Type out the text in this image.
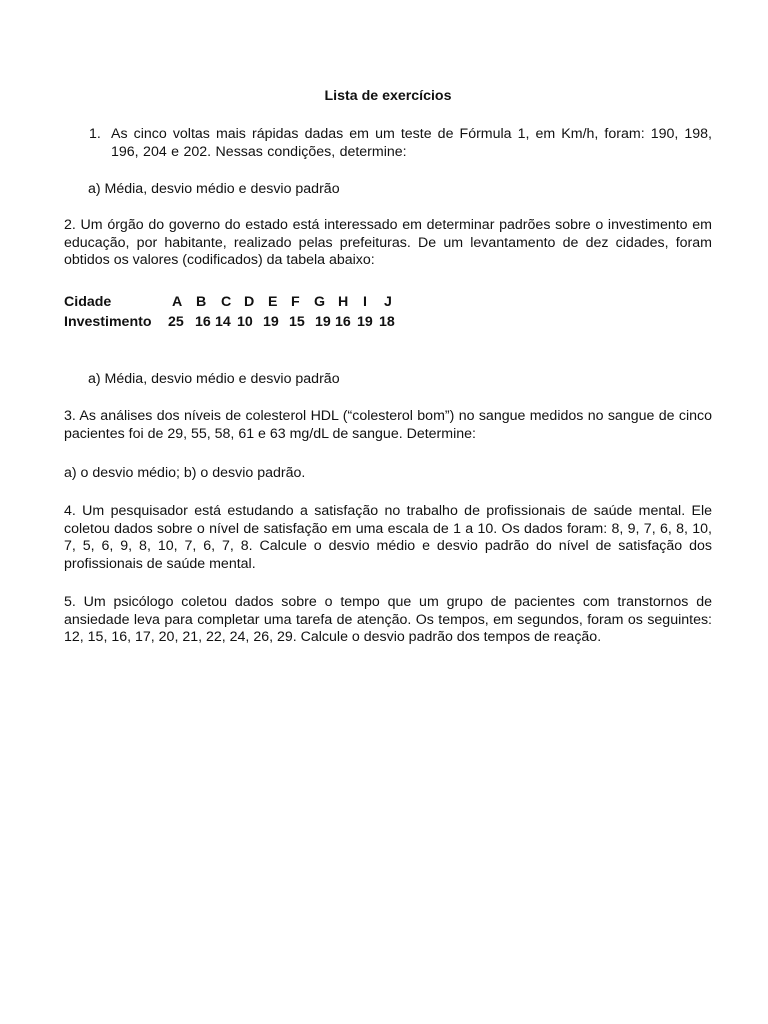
Lista de exercícios
1. As cinco voltas mais rápidas dadas em um teste de Fórmula 1, em Km/h, foram: 190, 198, 196, 204 e 202. Nessas condições, determine:
a) Média, desvio médio e desvio padrão
2. Um órgão do governo do estado está interessado em determinar padrões sobre o investimento em educação, por habitante, realizado pelas prefeituras. De um levantamento de dez cidades, foram obtidos os valores (codificados) da tabela abaixo:
Cidade	A B C D E F G H I J
Investimento 25 16 14 10 19 15 19 16 19 18
a) Média, desvio médio e desvio padrão
3. As análises dos níveis de colesterol HDL (“colesterol bom”) no sangue medidos no sangue de cinco pacientes foi de 29, 55, 58, 61 e 63 mg/dL de sangue. Determine:
a) o desvio médio; b) o desvio padrão.
4. Um pesquisador está estudando a satisfação no trabalho de profissionais de saúde mental. Ele coletou dados sobre o nível de satisfação em uma escala de 1 a 10. Os dados foram: 8, 9, 7, 6, 8, 10, 7, 5, 6, 9, 8, 10, 7, 6, 7, 8. Calcule o desvio médio e desvio padrão do nível de satisfação dos profissionais de saúde mental.
5. Um psicólogo coletou dados sobre o tempo que um grupo de pacientes com transtornos de ansiedade leva para completar uma tarefa de atenção. Os tempos, em segundos, foram os seguintes: 12, 15, 16, 17, 20, 21, 22, 24, 26, 29. Calcule o desvio padrão dos tempos de reação.
